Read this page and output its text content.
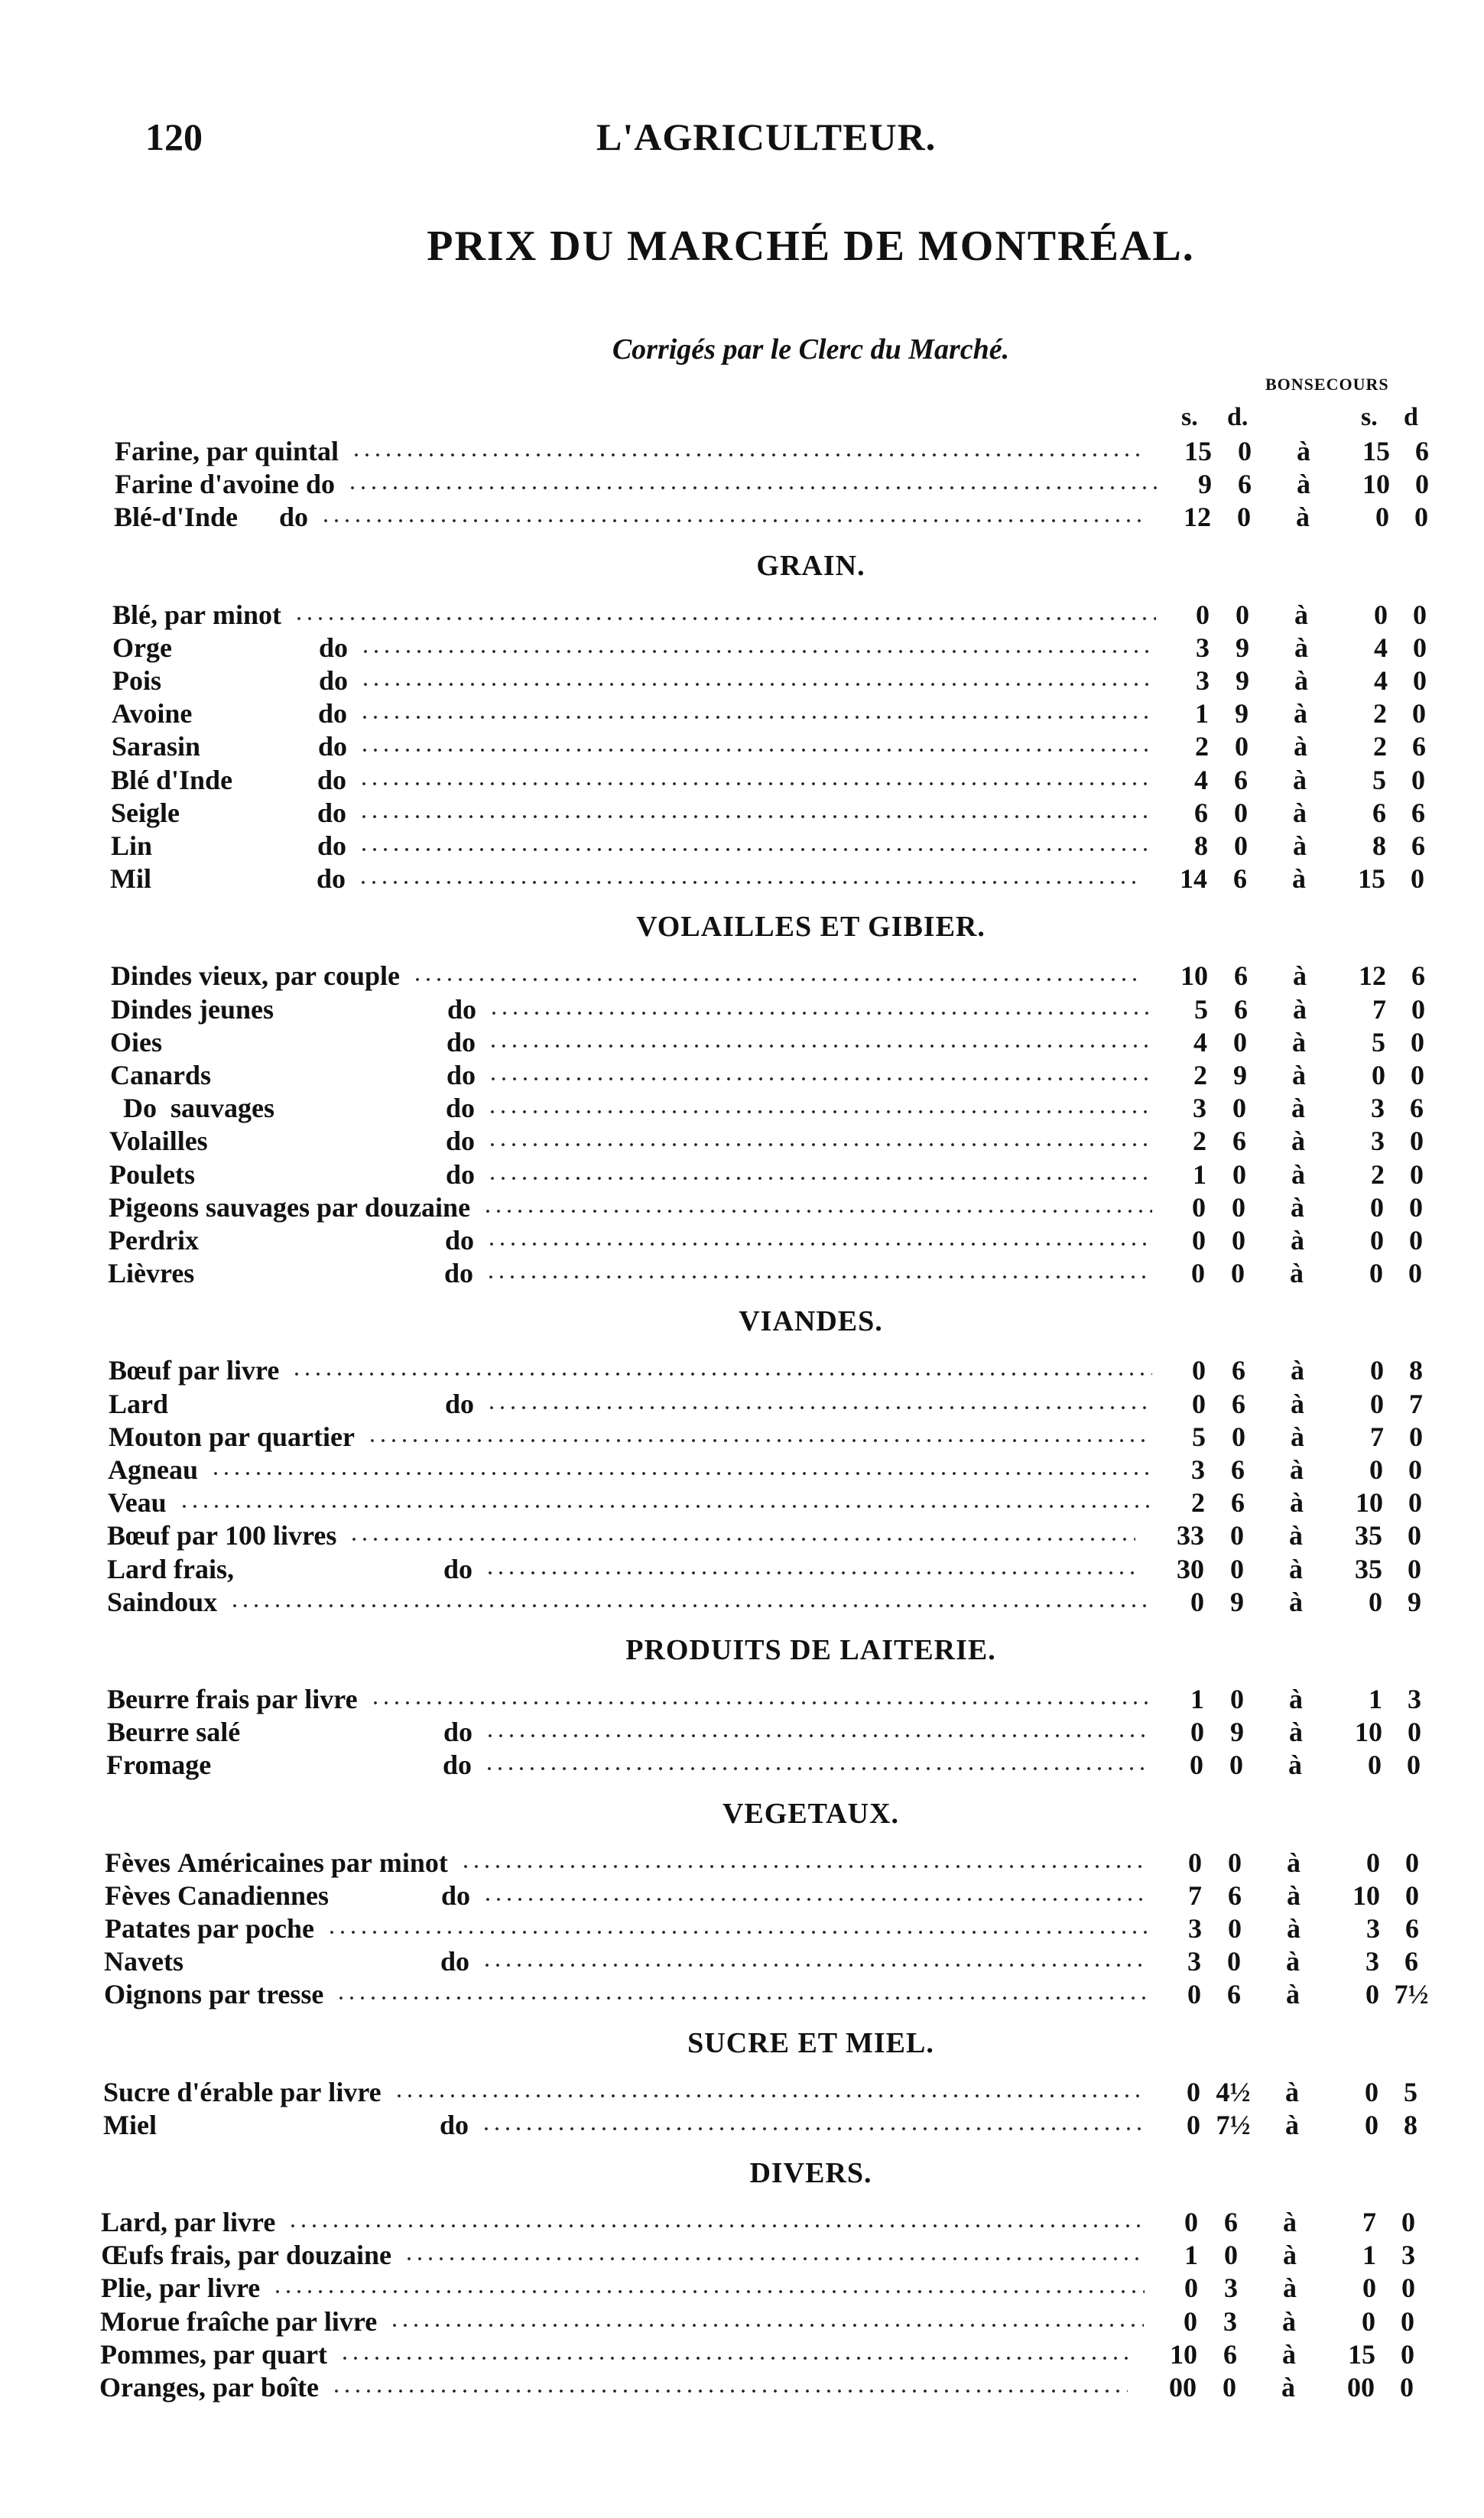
120	L'AGRICULTEUR.
PRIX DU MARCHÉ DE MONTRÉAL.
Corrigés par le Clerc du Marché.
BONSECOURS
s. d.	s. d
Farine, par quintal	15 0	à	15 6
Farine d'avoine do	9 6	à	10 0
Blé-d'Inde      do	12 0	à	0 0
GRAIN.
Blé, par minot	0 0	à	0 0
Orge	do	3 9	à	4 0
Pois	do	3 9	à	4 0
Avoine	do	1 9	à	2 0
Sarasin	do	2 0	à	2 6
Blé d'Inde	do	4 6	à	5 0
Seigle	do	6 0	à	6 6
Lin	do	8 0	à	8 6
Mil	do	14 6	à	15 0
VOLAILLES ET GIBIER.
Dindes vieux, par couple	10 6	à	12 6
Dindes jeunes	do	5 6	à	7 0
Oies	do	4 0	à	5 0
Canards	do	2 9	à	0 0
Do  sauvages	do	3 0	à	3 6
Volailles	do	2 6	à	3 0
Poulets	do	1 0	à	2 0
Pigeons sauvages par douzaine	0 0	à	0 0
Perdrix	do	0 0	à	0 0
Lièvres	do	0 0	à	0 0
VIANDES.
Bœuf par livre	0 6	à	0 8
Lard	do	0 6	à	0 7
Mouton par quartier	5 0	à	7 0
Agneau	3 6	à	0 0
Veau	2 6	à	10 0
Bœuf par 100 livres	33 0	à	35 0
Lard frais,	do	30 0	à	35 0
Saindoux	0 9	à	0 9
PRODUITS DE LAITERIE.
Beurre frais par livre	1 0	à	1 3
Beurre salé	do	0 9	à	10 0
Fromage	do	0 0	à	0 0
VEGETAUX.
Fèves Américaines par minot	0 0	à	0 0
Fèves Canadiennes	do	7 6	à	10 0
Patates par poche	3 0	à	3 6
Navets	do	3 0	à	3 6
Oignons par tresse	0 6	à	0 7½
SUCRE ET MIEL.
Sucre d'érable par livre	0 4½	à	0 5
Miel	do	0 7½	à	0 8
DIVERS.
Lard, par livre	0 6	à	7 0
Œufs frais, par douzaine	1 0	à	1 3
Plie, par livre	0 3	à	0 0
Morue fraîche par livre	0 3	à	0 0
Pommes, par quart	10 6	à	15 0
Oranges, par boîte	00 0	à	00 0
